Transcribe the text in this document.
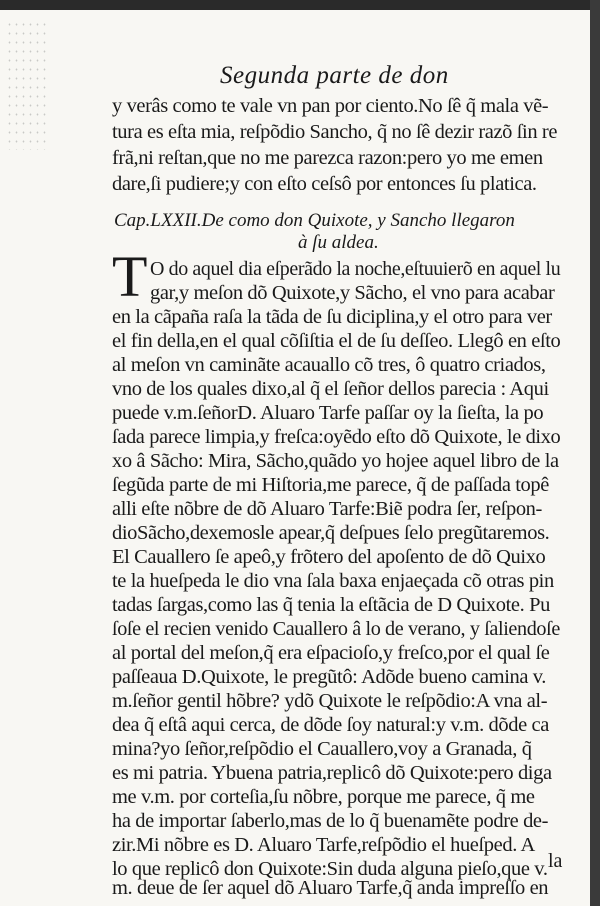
Segunda parte de don
y verâs como te vale vn pan por ciento.No ſê q̃ mala vẽ-
tura es eſta mia, reſpõdio Sancho, q̃ no ſê dezir razõ ſin re
frã,ni reſtan,que no me parezca razon:pero yo me emen
dare,ſi pudiere;y con eſto ceſsô por entonces ſu platica.
Cap.LXXII.De como don Quixote, y Sancho llegaron
à ſu aldea.
T O do aquel dia eſperãdo la noche,eſtuuierõ en aquel lu
gar,y meſon dõ Quixote,y Sãcho, el vno para acabar
en la cãpaña raſa la tãda de ſu diciplina,y el otro para ver
el fin della,en el qual cõſiſtia el de ſu deſſeo. Llegô en eſto
al meſon vn caminãte acauallo cõ tres, ô quatro criados,
vno de los quales dixo,al q̃ el ſeñor dellos parecia : Aqui
puede v.m.ſeñorD. Aluaro Tarfe paſſar oy la ſieſta, la po
ſada parece limpia,y freſca:oyẽdo eſto dõ Quixote, le dixo
xo â Sãcho: Mira, Sãcho,quãdo yo hojee aquel libro de la
ſegũda parte de mi Hiſtoria,me parece, q̃ de paſſada topê
alli eſte nõbre de dõ Aluaro Tarfe:Biẽ podra ſer, reſpon-
dioSãcho,dexemosle apear,q̃ deſpues ſelo pregũtaremos.
El Cauallero ſe apeô,y frõtero del apoſento de dõ Quixo
te la hueſpeda le dio vna ſala baxa enjaeçada cõ otras pin
tadas ſargas,como las q̃ tenia la eſtãcia de D Quixote. Pu
ſoſe el recien venido Cauallero â lo de verano, y ſaliendoſe
al portal del meſon,q̃ era eſpacioſo,y freſco,por el qual ſe
paſſeaua D.Quixote, le pregũtô: Adõde bueno camina v.
m.ſeñor gentil hõbre? ydõ Quixote le reſpõdio:A vna al-
dea q̃ eſtâ aqui cerca, de dõde ſoy natural:y v.m. dõde ca
mina?yo ſeñor,reſpõdio el Cauallero,voy a Granada, q̃
es mi patria. Ybuena patria,replicô dõ Quixote:pero diga
me v.m. por corteſia,ſu nõbre, porque me parece, q̃ me
ha de importar ſaberlo,mas de lo q̃ buenamẽte podre de-
zir.Mi nõbre es D. Aluaro Tarfe,reſpõdio el hueſped. A
lo que replicô don Quixote:Sin duda alguna pieſo,que v.
m. deue de ſer aquel dõ Aluaro Tarfe,q̃ anda impreſſo en
la
